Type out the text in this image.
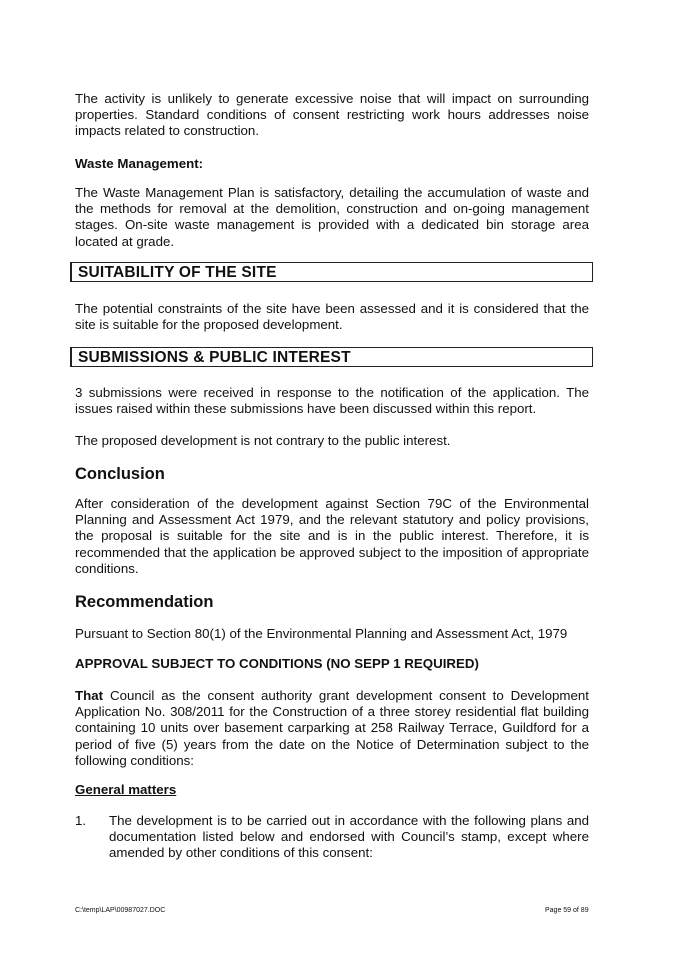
The activity is unlikely to generate excessive noise that will impact on surrounding properties. Standard conditions of consent restricting work hours addresses noise impacts related to construction.

Waste Management:

The Waste Management Plan is satisfactory, detailing the accumulation of waste and the methods for removal at the demolition, construction and on-going management stages. On-site waste management is provided with a dedicated bin storage area located at grade.

SUITABILITY OF THE SITE

The potential constraints of the site have been assessed and it is considered that the site is suitable for the proposed development.

SUBMISSIONS & PUBLIC INTEREST

3 submissions were received in response to the notification of the application. The issues raised within these submissions have been discussed within this report.

The proposed development is not contrary to the public interest.

Conclusion

After consideration of the development against Section 79C of the Environmental Planning and Assessment Act 1979, and the relevant statutory and policy provisions, the proposal is suitable for the site and is in the public interest. Therefore, it is recommended that the application be approved subject to the imposition of appropriate conditions.

Recommendation

Pursuant to Section 80(1) of the Environmental Planning and Assessment Act, 1979

APPROVAL SUBJECT TO CONDITIONS (NO SEPP 1 REQUIRED)

That Council as the consent authority grant development consent to Development Application No. 308/2011 for the Construction of a three storey residential flat building containing 10 units over basement carparking at 258 Railway Terrace, Guildford for a period of five (5) years from the date on the Notice of Determination subject to the following conditions:

General matters

1. The development is to be carried out in accordance with the following plans and documentation listed below and endorsed with Council’s stamp, except where amended by other conditions of this consent:

C:\temp\LAP\00987027.DOC	Page 59 of 89
